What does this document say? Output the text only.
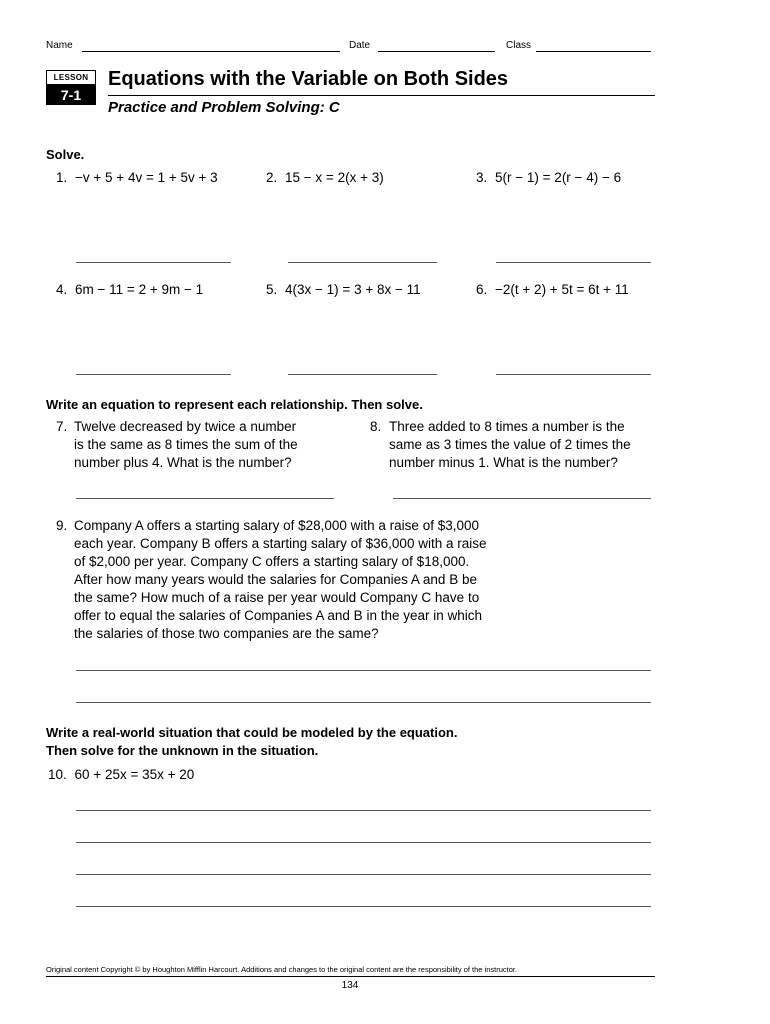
Name	Date	Class
LESSON
7-1
Equations with the Variable on Both Sides
Practice and Problem Solving: C
Solve.
1. −v + 5 + 4v = 1 + 5v + 3	2. 15 − x = 2(x + 3)	3. 5(r − 1) = 2(r − 4) − 6
4. 6m − 11 = 2 + 9m − 1	5. 4(3x − 1) = 3 + 8x − 11	6. −2(t + 2) + 5t = 6t + 11
Write an equation to represent each relationship. Then solve.
7. Twelve decreased by twice a number
is the same as 8 times the sum of the
number plus 4. What is the number?
8. Three added to 8 times a number is the
same as 3 times the value of 2 times the
number minus 1. What is the number?
9. Company A offers a starting salary of $28,000 with a raise of $3,000
each year. Company B offers a starting salary of $36,000 with a raise
of $2,000 per year. Company C offers a starting salary of $18,000.
After how many years would the salaries for Companies A and B be
the same? How much of a raise per year would Company C have to
offer to equal the salaries of Companies A and B in the year in which
the salaries of those two companies are the same?
Write a real-world situation that could be modeled by the equation.
Then solve for the unknown in the situation.
10. 60 + 25x = 35x + 20
Original content Copyright © by Houghton Mifflin Harcourt. Additions and changes to the original content are the responsibility of the instructor.
134
